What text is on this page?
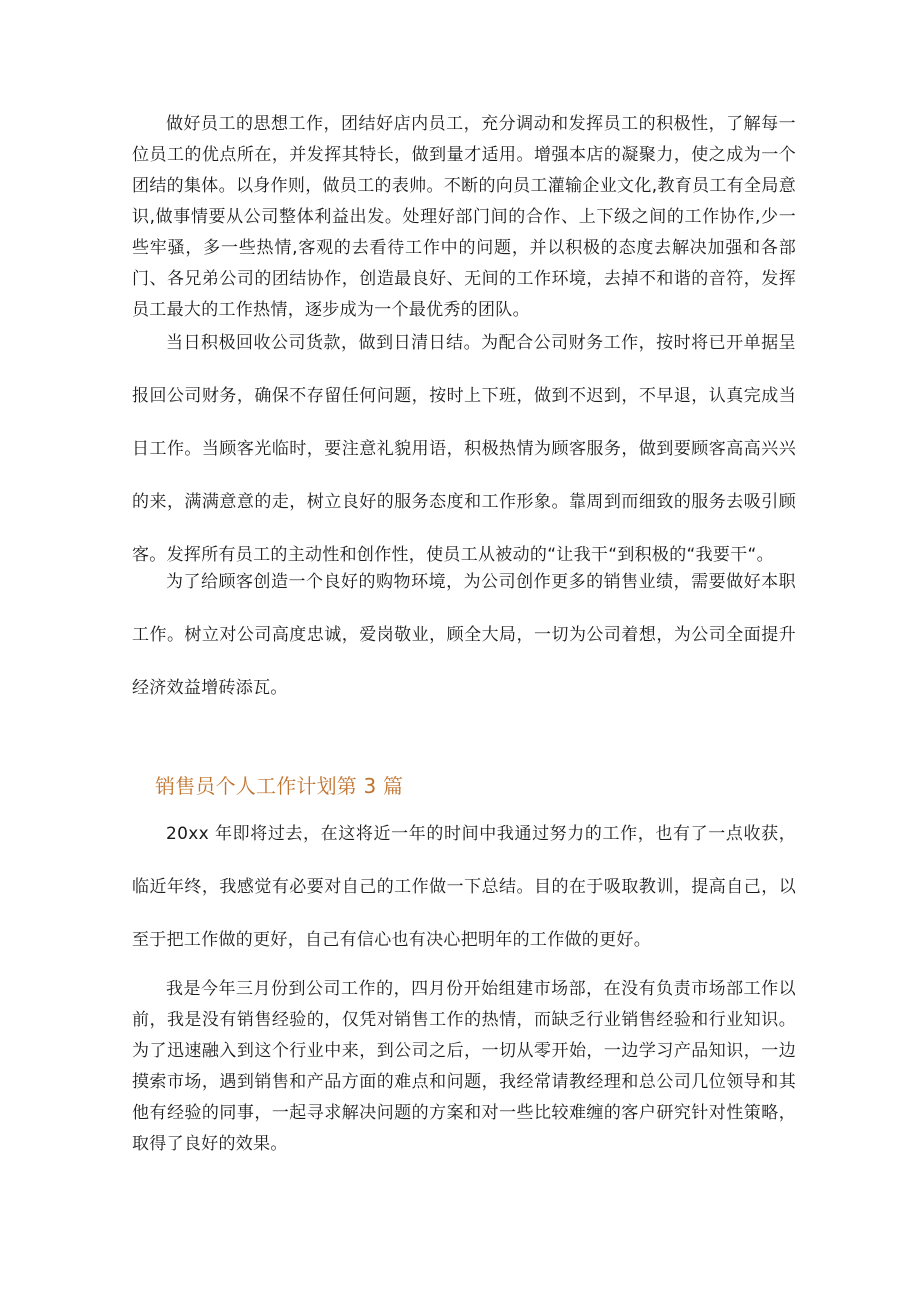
做好员工的思想工作，团结好店内员工，充分调动和发挥员工的积极性，了解每一位员工的优点所在，并发挥其特长，做到量才适用。增强本店的凝聚力，使之成为一个团结的集体。以身作则，做员工的表帅。不断的向员工灌输企业文化,教育员工有全局意识,做事情要从公司整体利益出发。处理好部门间的合作、上下级之间的工作协作,少一些牢骚，多一些热情,客观的去看待工作中的问题，并以积极的态度去解决加强和各部门、各兄弟公司的团结协作，创造最良好、无间的工作环境，去掉不和谐的音符，发挥员工最大的工作热情，逐步成为一个最优秀的团队。

当日积极回收公司货款，做到日清日结。为配合公司财务工作，按时将已开单据呈报回公司财务，确保不存留任何问题，按时上下班，做到不迟到，不早退，认真完成当日工作。当顾客光临时，要注意礼貌用语，积极热情为顾客服务，做到要顾客高高兴兴的来，满满意意的走，树立良好的服务态度和工作形象。靠周到而细致的服务去吸引顾客。发挥所有员工的主动性和创作性，使员工从被动的“让我干“到积极的“我要干“。

为了给顾客创造一个良好的购物环境，为公司创作更多的销售业绩，需要做好本职工作。树立对公司高度忠诚，爱岗敬业，顾全大局，一切为公司着想，为公司全面提升经济效益增砖添瓦。

销售员个人工作计划第 3 篇

20xx 年即将过去，在这将近一年的时间中我通过努力的工作，也有了一点收获，临近年终，我感觉有必要对自己的工作做一下总结。目的在于吸取教训，提高自己，以至于把工作做的更好，自己有信心也有决心把明年的工作做的更好。

我是今年三月份到公司工作的，四月份开始组建市场部，在没有负责市场部工作以前，我是没有销售经验的，仅凭对销售工作的热情，而缺乏行业销售经验和行业知识。为了迅速融入到这个行业中来，到公司之后，一切从零开始，一边学习产品知识，一边摸索市场，遇到销售和产品方面的难点和问题，我经常请教经理和总公司几位领导和其他有经验的同事，一起寻求解决问题的方案和对一些比较难缠的客户研究针对性策略，取得了良好的效果。
